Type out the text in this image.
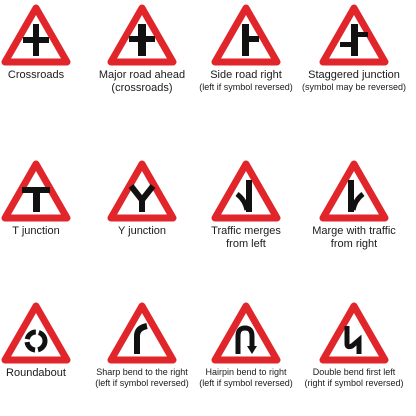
Crossroads	Major road ahead
(crossroads)
Side road right
(left if symbol reversed)
Staggered junction
(symbol may be reversed)
T junction	Y junction	Traffic merges
from left
Marge with traffic
from right
Roundabout	Sharp bend to the right
(left if symbol reversed)
Hairpin bend to right
(left if symbol reversed)
Double bend first left
(right if symbol reversed)
